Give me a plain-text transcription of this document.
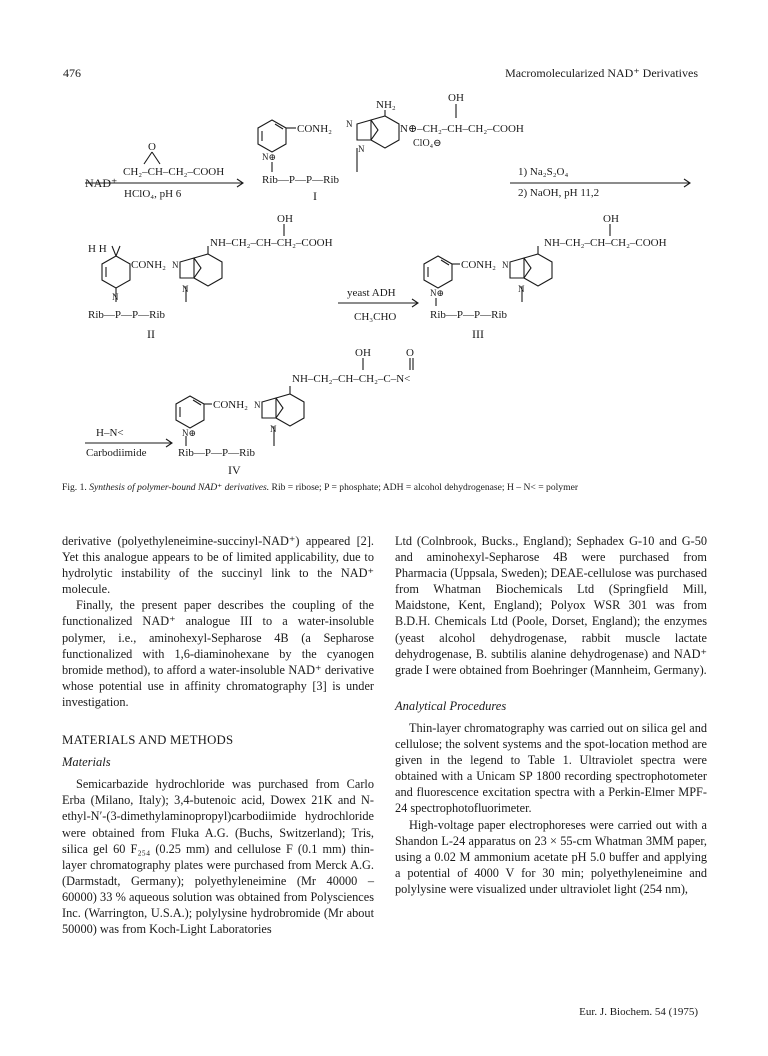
476	Macromolecularized NAD⁺ Derivatives
NAD⁺
O
CH₂–CH–CH₂–COOH
HClO₄, pH 6
CONH₂
N⊕
NH₂
OH
N	N⊕–CH₂–CH–CH₂–COOH
ClO₄⊖
N
Rib—P—P—Rib
I
1) Na₂S₂O₄
2) NaOH, pH 11,2
OH
H H	NH–CH₂–CH–CH₂–COOH
CONH₂ N
N
N
Rib—P—P—Rib
II
yeast ADH
CH₃CHO
OH
NH–CH₂–CH–CH₂–COOH
CONH₂ N
N⊕	N
Rib—P—P—Rib
III
OH	O
NH–CH₂–CH–CH₂–C–N<
CONH₂ N
N⊕	N
H–N<
Carbodiimide	Rib—P—P—Rib
IV
Fig. 1. Synthesis of polymer-bound NAD⁺ derivatives. Rib = ribose; P = phosphate; ADH = alcohol dehydrogenase; H – N< = polymer

derivative (polyethyleneimine-succinyl-NAD⁺) appeared [2]. Yet this analogue appears to be of limited applicability, due to hydrolytic instability of the succinyl link to the NAD⁺ molecule.

Finally, the present paper describes the coupling of the functionalized NAD⁺ analogue III to a water-insoluble polymer, i.e., aminohexyl-Sepharose 4B (a Sepharose functionalized with 1,6-diaminohexane by the cyanogen bromide method), to afford a water-insoluble NAD⁺ derivative whose potential use in affinity chromatography [3] is under investigation.

MATERIALS AND METHODS

Materials

Semicarbazide hydrochloride was purchased from Carlo Erba (Milano, Italy); 3,4-butenoic acid, Dowex 21K and N-ethyl-N′-(3-dimethylaminopropyl)carbodiimide hydrochloride were obtained from Fluka A.G. (Buchs, Switzerland); Tris, silica gel 60 F₂₅₄ (0.25 mm) and cellulose F (0.1 mm) thin-layer chromatography plates were purchased from Merck A.G. (Darmstadt, Germany); polyethyleneimine (Mr 40000 – 60000) 33 % aqueous solution was obtained from Polysciences Inc. (Warrington, U.S.A.); polylysine hydrobromide (Mr about 50000) was from Koch-Light Laboratories

Ltd (Colnbrook, Bucks., England); Sephadex G-10 and G-50 and aminohexyl-Sepharose 4B were purchased from Pharmacia (Uppsala, Sweden); DEAE-cellulose was purchased from Whatman Biochemicals Ltd (Springfield Mill, Maidstone, Kent, England); Polyox WSR 301 was from B.D.H. Chemicals Ltd (Poole, Dorset, England); the enzymes (yeast alcohol dehydrogenase, rabbit muscle lactate dehydrogenase, B. subtilis alanine dehydrogenase) and NAD⁺ grade I were obtained from Boehringer (Mannheim, Germany).

Analytical Procedures

Thin-layer chromatography was carried out on silica gel and cellulose; the solvent systems and the spot-location method are given in the legend to Table 1. Ultraviolet spectra were obtained with a Unicam SP 1800 recording spectrophotometer and fluorescence excitation spectra with a Perkin-Elmer MPF-24 spectrophotofluorimeter.

High-voltage paper electrophoreses were carried out with a Shandon L-24 apparatus on 23 × 55-cm Whatman 3MM paper, using a 0.02 M ammonium acetate pH 5.0 buffer and applying a potential of 4000 V for 30 min; polyethyleneimine and polylysine were visualized under ultraviolet light (254 nm),

Eur. J. Biochem. 54 (1975)
